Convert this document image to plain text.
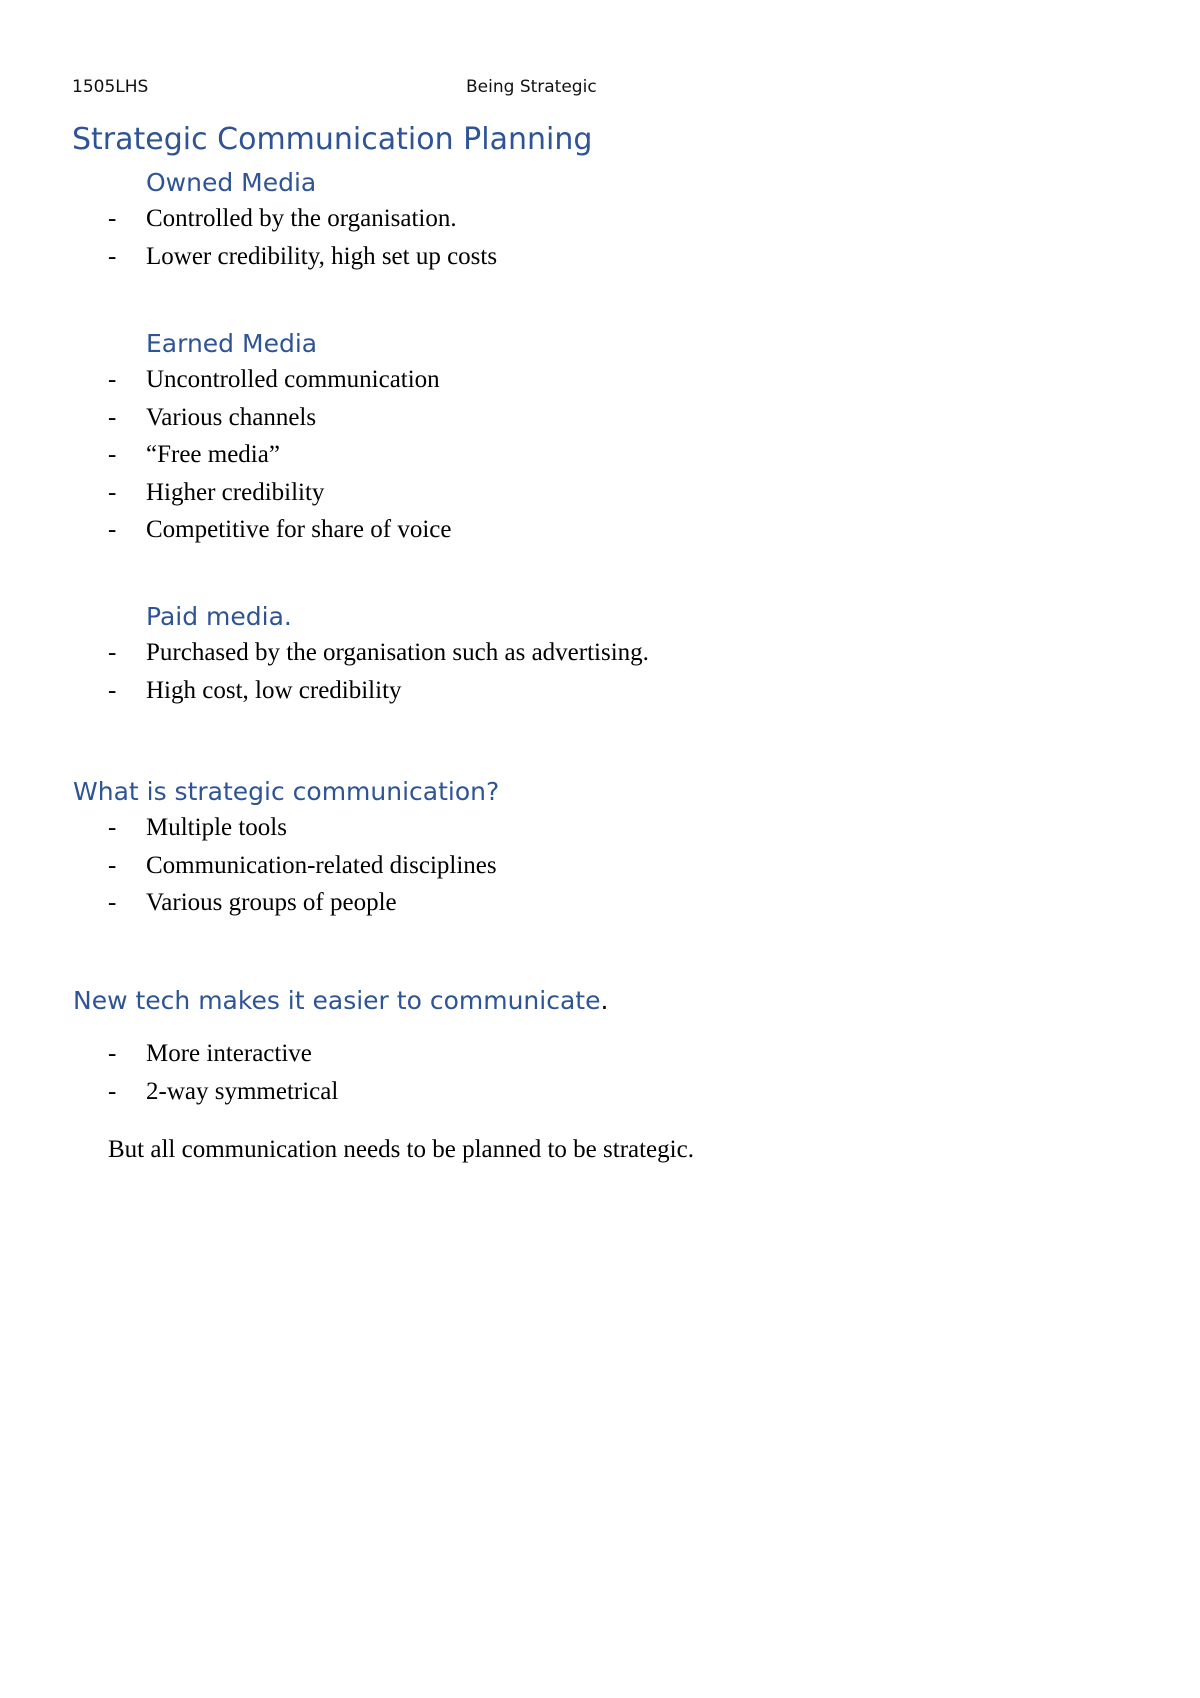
1505LHS	Being Strategic
Strategic Communication Planning
Owned Media
-	Controlled by the organisation.
-	Lower credibility, high set up costs
Earned Media
-	Uncontrolled communication
-	Various channels
-	“Free media”
-	Higher credibility
-	Competitive for share of voice
Paid media.
-	Purchased by the organisation such as advertising.
-	High cost, low credibility
What is strategic communication?
-	Multiple tools
-	Communication-related disciplines
-	Various groups of people
New tech makes it easier to communicate.
-	More interactive
-	2-way symmetrical
But all communication needs to be planned to be strategic.
